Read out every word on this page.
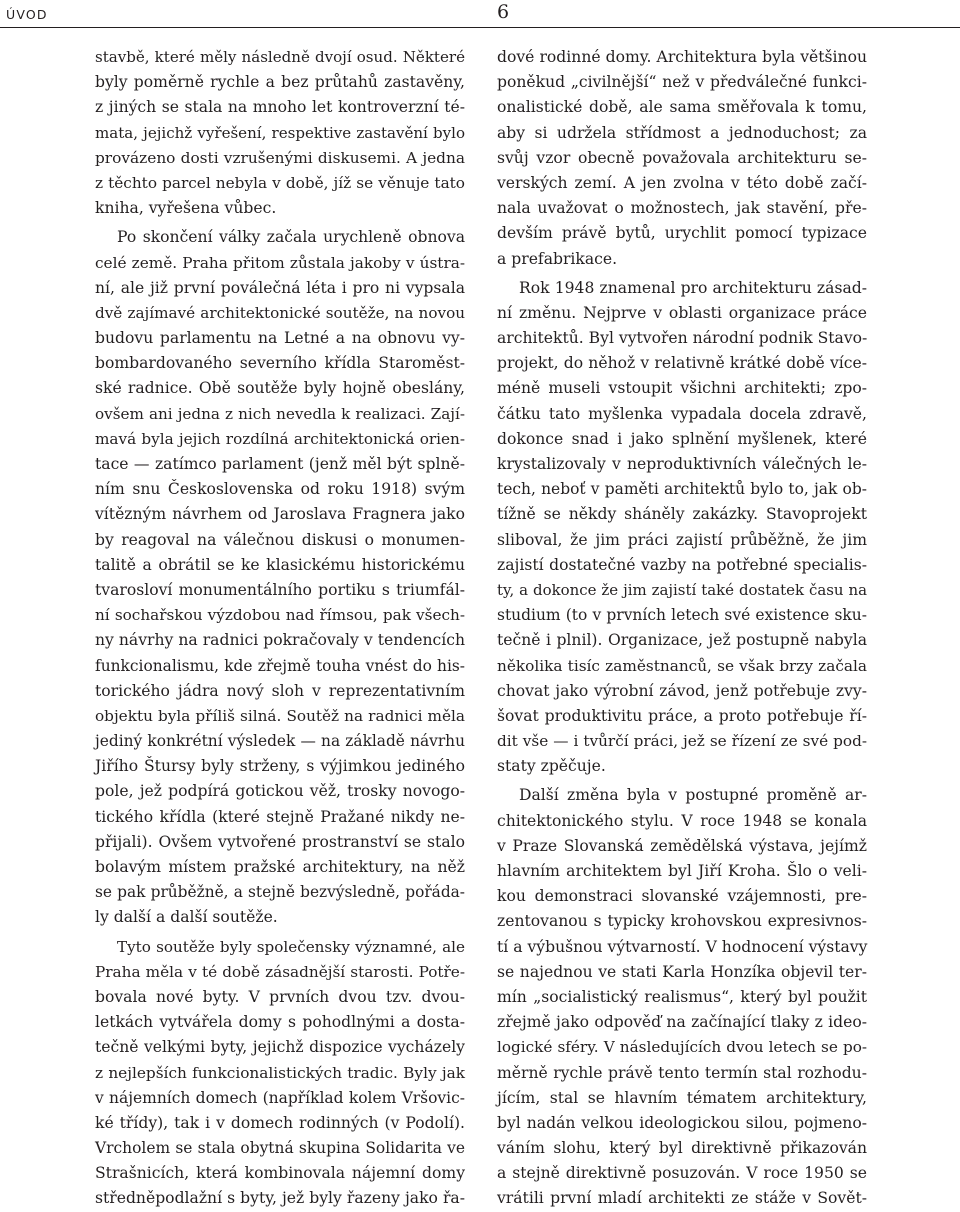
ÚVOD	6
stavbě, které měly následně dvojí osud. Některé
byly poměrně rychle a bez průtahů zastavěny,
z jiných se stala na mnoho let kontroverzní té-
mata, jejichž vyřešení, respektive zastavění bylo
provázeno dosti vzrušenými diskusemi. A jedna
z těchto parcel nebyla v době, jíž se věnuje tato
kniha, vyřešena vůbec.
Po skončení války začala urychleně obnova
celé země. Praha přitom zůstala jakoby v ústra-
ní, ale již první poválečná léta i pro ni vypsala
dvě zajímavé architektonické soutěže, na novou
budovu parlamentu na Letné a na obnovu vy-
bombardovaného severního křídla Staroměst-
ské radnice. Obě soutěže byly hojně obeslány,
ovšem ani jedna z nich nevedla k realizaci. Zají-
mavá byla jejich rozdílná architektonická orien-
tace — zatímco parlament (jenž měl být splně-
ním snu Československa od roku 1918) svým
vítězným návrhem od Jaroslava Fragnera jako
by reagoval na válečnou diskusi o monumen-
talitě a obrátil se ke klasickému historickému
tvarosloví monumentálního portiku s triumfál-
ní sochařskou výzdobou nad římsou, pak všech-
ny návrhy na radnici pokračovaly v tendencích
funkcionalismu, kde zřejmě touha vnést do his-
torického jádra nový sloh v reprezentativním
objektu byla příliš silná. Soutěž na radnici měla
jediný konkrétní výsledek — na základě návrhu
Jiřího Štursy byly strženy, s výjimkou jediného
pole, jež podpírá gotickou věž, trosky novogo-
tického křídla (které stejně Pražané nikdy ne-
přijali). Ovšem vytvořené prostranství se stalo
bolavým místem pražské architektury, na něž
se pak průběžně, a stejně bezvýsledně, pořáda-
ly další a další soutěže.
Tyto soutěže byly společensky významné, ale
Praha měla v té době zásadnější starosti. Potře-
bovala nové byty. V prvních dvou tzv. dvou-
letkách vytvářela domy s pohodlnými a dosta-
tečně velkými byty, jejichž dispozice vycházely
z nejlepších funkcionalistických tradic. Byly jak
v nájemních domech (například kolem Vršovic-
ké třídy), tak i v domech rodinných (v Podolí).
Vrcholem se stala obytná skupina Solidarita ve
Strašnicích, která kombinovala nájemní domy
středněpodlažní s byty, jež byly řazeny jako řa-
dové rodinné domy. Architektura byla většinou
poněkud „civilnější“ než v předválečné funkci-
onalistické době, ale sama směřovala k tomu,
aby si udržela střídmost a jednoduchost; za
svůj vzor obecně považovala architekturu se-
verských zemí. A jen zvolna v této době začí-
nala uvažovat o možnostech, jak stavění, pře-
devším právě bytů, urychlit pomocí typizace
a prefabrikace.
Rok 1948 znamenal pro architekturu zásad-
ní změnu. Nejprve v oblasti organizace práce
architektů. Byl vytvořen národní podnik Stavo-
projekt, do něhož v relativně krátké době více-
méně museli vstoupit všichni architekti; zpo-
čátku tato myšlenka vypadala docela zdravě,
dokonce snad i jako splnění myšlenek, které
krystalizovaly v neproduktivních válečných le-
tech, neboť v paměti architektů bylo to, jak ob-
tížně se někdy sháněly zakázky. Stavoprojekt
sliboval, že jim práci zajistí průběžně, že jim
zajistí dostatečné vazby na potřebné specialis-
ty, a dokonce že jim zajistí také dostatek času na
studium (to v prvních letech své existence sku-
tečně i plnil). Organizace, jež postupně nabyla
několika tisíc zaměstnanců, se však brzy začala
chovat jako výrobní závod, jenž potřebuje zvy-
šovat produktivitu práce, a proto potřebuje ří-
dit vše — i tvůrčí práci, jež se řízení ze své pod-
staty zpěčuje.
Další změna byla v postupné proměně ar-
chitektonického stylu. V roce 1948 se konala
v Praze Slovanská zemědělská výstava, jejímž
hlavním architektem byl Jiří Kroha. Šlo o veli-
kou demonstraci slovanské vzájemnosti, pre-
zentovanou s typicky krohovskou expresivnos-
tí a výbušnou výtvarností. V hodnocení výstavy
se najednou ve stati Karla Honzíka objevil ter-
mín „socialistický realismus“, který byl použit
zřejmě jako odpověď na začínající tlaky z ideo-
logické sféry. V následujících dvou letech se po-
měrně rychle právě tento termín stal rozhodu-
jícím, stal se hlavním tématem architektury,
byl nadán velkou ideologickou silou, pojmeno-
váním slohu, který byl direktivně přikazován
a stejně direktivně posuzován. V roce 1950 se
vrátili první mladí architekti ze stáže v Sovět-
